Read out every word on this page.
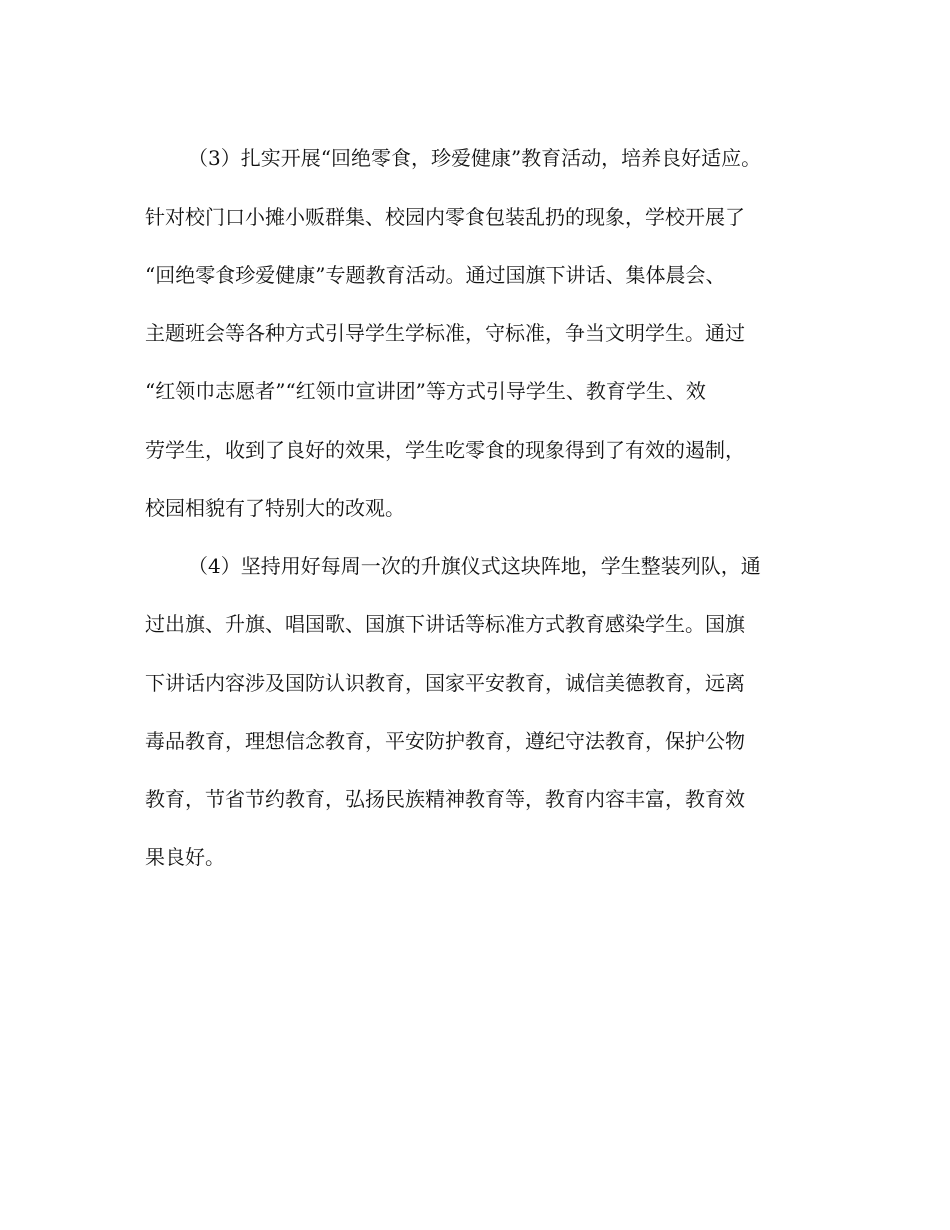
（3）扎实开展“回绝零食，珍爱健康”教育活动，培养良好适应。
针对校门口小摊小贩群集、校园内零食包装乱扔的现象，学校开展了
“回绝零食珍爱健康”专题教育活动。通过国旗下讲话、集体晨会、
主题班会等各种方式引导学生学标准，守标准，争当文明学生。通过
“红领巾志愿者”“红领巾宣讲团”等方式引导学生、教育学生、效
劳学生，收到了良好的效果，学生吃零食的现象得到了有效的遏制，
校园相貌有了特别大的改观。
（4）坚持用好每周一次的升旗仪式这块阵地，学生整装列队，通
过出旗、升旗、唱国歌、国旗下讲话等标准方式教育感染学生。国旗
下讲话内容涉及国防认识教育，国家平安教育，诚信美德教育，远离
毒品教育，理想信念教育，平安防护教育，遵纪守法教育，保护公物
教育，节省节约教育，弘扬民族精神教育等，教育内容丰富，教育效
果良好。
